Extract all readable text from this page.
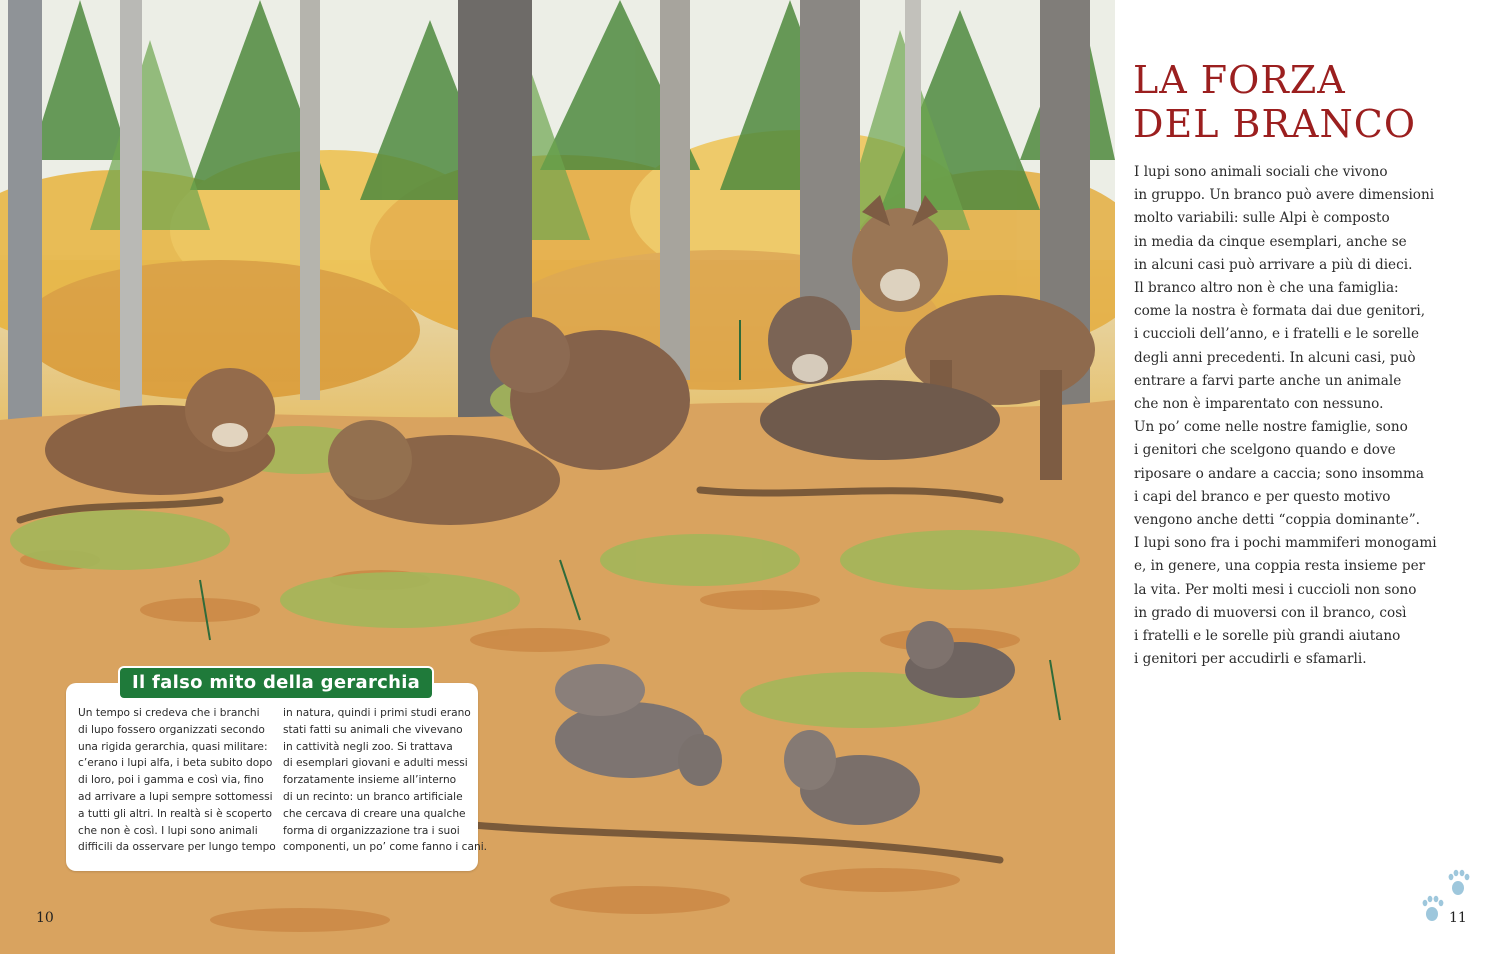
10
Il falso mito della gerarchia
Un tempo si credeva che i branchi
di lupo fossero organizzati secondo
una rigida gerarchia, quasi militare:
c’erano i lupi alfa, i beta subito dopo
di loro, poi i gamma e così via, fino
ad arrivare a lupi sempre sottomessi
a tutti gli altri. In realtà si è scoperto
che non è così. I lupi sono animali
difficili da osservare per lungo tempo
in natura, quindi i primi studi erano
stati fatti su animali che vivevano
in cattività negli zoo. Si trattava
di esemplari giovani e adulti messi
forzatamente insieme all’interno
di un recinto: un branco artificiale
che cercava di creare una qualche
forma di organizzazione tra i suoi
componenti, un po’ come fanno i cani.
LA FORZA
DEL BRANCO
I lupi sono animali sociali che vivono
in gruppo. Un branco può avere dimensioni
molto variabili: sulle Alpi è composto
in media da cinque esemplari, anche se
in alcuni casi può arrivare a più di dieci.
Il branco altro non è che una famiglia:
come la nostra è formata dai due genitori,
i cuccioli dell’anno, e i fratelli e le sorelle
degli anni precedenti. In alcuni casi, può
entrare a farvi parte anche un animale
che non è imparentato con nessuno.
Un po’ come nelle nostre famiglie, sono
i genitori che scelgono quando e dove
riposare o andare a caccia; sono insomma
i capi del branco e per questo motivo
vengono anche detti “coppia dominante”.
I lupi sono fra i pochi mammiferi monogami
e, in genere, una coppia resta insieme per
la vita. Per molti mesi i cuccioli non sono
in grado di muoversi con il branco, così
i fratelli e le sorelle più grandi aiutano
i genitori per accudirli e sfamarli.
11
